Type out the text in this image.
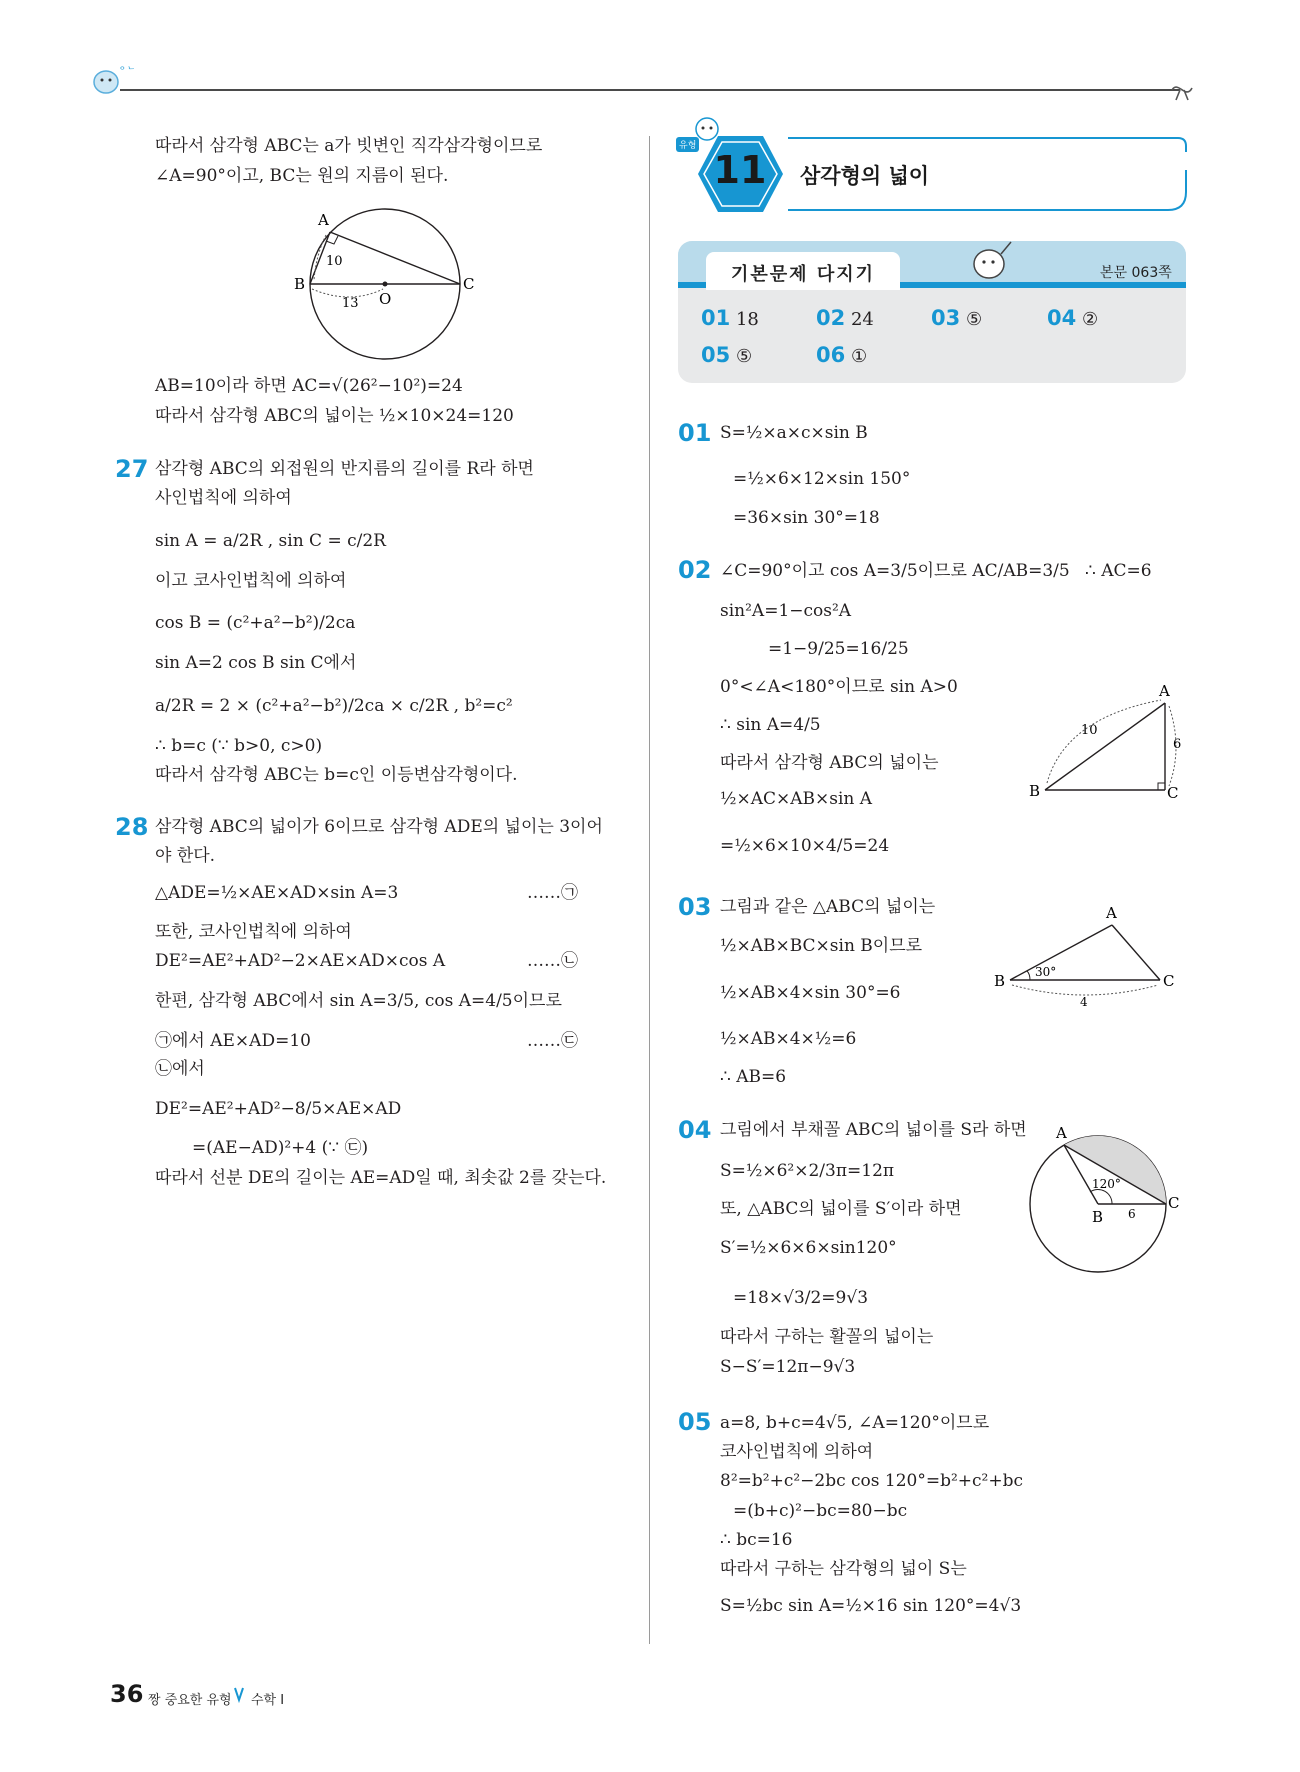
ᄋᄂ
따라서 삼각형 ABC는 a가 빗변인 직각삼각형이므로
∠A=90°이고, BC는 원의 지름이 된다.
A
B	C
O
10
13
AB=10이라 하면 AC=√(26²−10²)=24
따라서 삼각형 ABC의 넓이는 ½×10×24=120
27 삼각형 ABC의 외접원의 반지름의 길이를 R라 하면
사인법칙에 의하여
sin A = a/2R , sin C = c/2R
이고 코사인법칙에 의하여
cos B = (c²+a²−b²)/2ca
sin A=2 cos B sin C에서
a/2R = 2 × (c²+a²−b²)/2ca × c/2R , b²=c²
∴ b=c (∵ b>0, c>0)
따라서 삼각형 ABC는 b=c인 이등변삼각형이다.
28 삼각형 ABC의 넓이가 6이므로 삼각형 ADE의 넓이는 3이어
야 한다.
△ADE=½×AE×AD×sin A=3	……㉠
또한, 코사인법칙에 의하여
DE²=AE²+AD²−2×AE×AD×cos A	……㉡
한편, 삼각형 ABC에서 sin A=3/5, cos A=4/5이므로
㉠에서 AE×AD=10	……㉢
㉡에서
DE²=AE²+AD²−8/5×AE×AD
=(AE−AD)²+4 (∵ ㉢)
따라서 선분 DE의 길이는 AE=AD일 때, 최솟값 2를 갖는다.
유형
11 삼각형의 넓이
기본문제 다지기	본문 063쪽
01 18	02 24	03 ⑤	04 ②
05 ⑤	06 ①
01 S=½×a×c×sin B
=½×6×12×sin 150°
=36×sin 30°=18
02 ∠C=90°이고 cos A=3/5이므로 AC/AB=3/5 ∴ AC=6
sin²A=1−cos²A
=1−9/25=16/25
0°<∠A<180°이므로 sin A>0
∴ sin A=4/5
따라서 삼각형 ABC의 넓이는
½×AC×AB×sin A
=½×6×10×4/5=24
A
B	C
10
6
03 그림과 같은 △ABC의 넓이는
½×AB×BC×sin B이므로
½×AB×4×sin 30°=6
½×AB×4×½=6
∴ AB=6
A
B	C
30°
4
04 그림에서 부채꼴 ABC의 넓이를 S라 하면
S=½×6²×2/3π=12π
또, △ABC의 넓이를 S′이라 하면
S′=½×6×6×sin120°
=18×√3/2=9√3
따라서 구하는 활꼴의 넓이는
S−S′=12π−9√3
A
B
C
120°
6
05 a=8, b+c=4√5, ∠A=120°이므로
코사인법칙에 의하여
8²=b²+c²−2bc cos 120°=b²+c²+bc
=(b+c)²−bc=80−bc
∴ bc=16
따라서 구하는 삼각형의 넓이 S는
S=½bc sin A=½×16 sin 120°=4√3
36 짱 중요한 유형 수학 I
